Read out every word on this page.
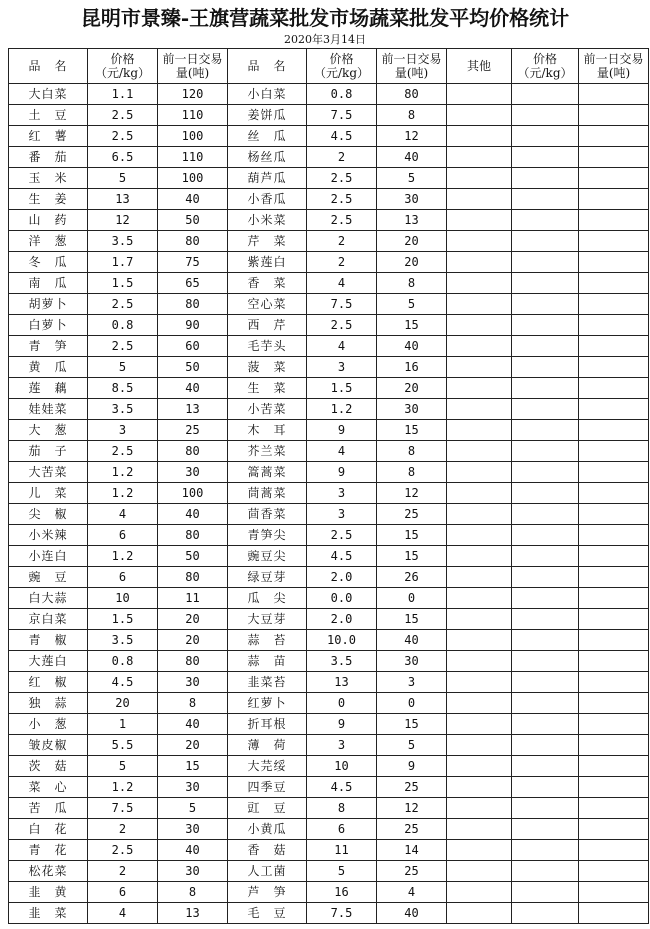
昆明市景臻-王旗营蔬菜批发市场蔬菜批发平均价格统计
2020年3月14日
品　名	价格（元/kg）	前一日交易量(吨)	品　名	价格（元/kg）	前一日交易量(吨)	其他	价格（元/kg）	前一日交易量(吨)
大白菜	1.1	120	小白菜	0.8	80			
土　豆	2.5	110	姜饼瓜	7.5	8			
红　薯	2.5	100	丝　瓜	4.5	12			
番　茄	6.5	110	杨丝瓜	2	40			
玉　米	5	100	葫芦瓜	2.5	5			
生　姜	13	40	小香瓜	2.5	30			
山　药	12	50	小米菜	2.5	13			
洋　葱	3.5	80	芹　菜	2	20			
冬　瓜	1.7	75	紫莲白	2	20			
南　瓜	1.5	65	香　菜	4	8			
胡萝卜	2.5	80	空心菜	7.5	5			
白萝卜	0.8	90	西　芹	2.5	15			
青　笋	2.5	60	毛芋头	4	40			
黄　瓜	5	50	菠　菜	3	16			
莲　藕	8.5	40	生　菜	1.5	20			
娃娃菜	3.5	13	小苦菜	1.2	30			
大　葱	3	25	木　耳	9	15			
茄　子	2.5	80	芥兰菜	4	8			
大苦菜	1.2	30	篙蒿菜	9	8			
儿　菜	1.2	100	茼蒿菜	3	12			
尖　椒	4	40	茴香菜	3	25			
小米辣	6	80	青笋尖	2.5	15			
小连白	1.2	50	豌豆尖	4.5	15			
豌　豆	6	80	绿豆芽	2.0	26			
白大蒜	10	11	瓜　尖	0.0	0			
京白菜	1.5	20	大豆芽	2.0	15			
青　椒	3.5	20	蒜　苔	10.0	40			
大莲白	0.8	80	蒜　苗	3.5	30			
红　椒	4.5	30	韭菜苔	13	3			
独　蒜	20	8	红萝卜	0	0			
小　葱	1	40	折耳根	9	15			
皱皮椒	5.5	20	薄　荷	3	5			
茨　菇	5	15	大芫绥	10	9			
菜　心	1.2	30	四季豆	4.5	25			
苦　瓜	7.5	5	豇　豆	8	12			
白　花	2	30	小黄瓜	6	25			
青　花	2.5	40	香　菇	11	14			
松花菜	2	30	人工菌	5	25			
韭　黄	6	8	芦　笋	16	4			
韭　菜	4	13	毛　豆	7.5	40			
